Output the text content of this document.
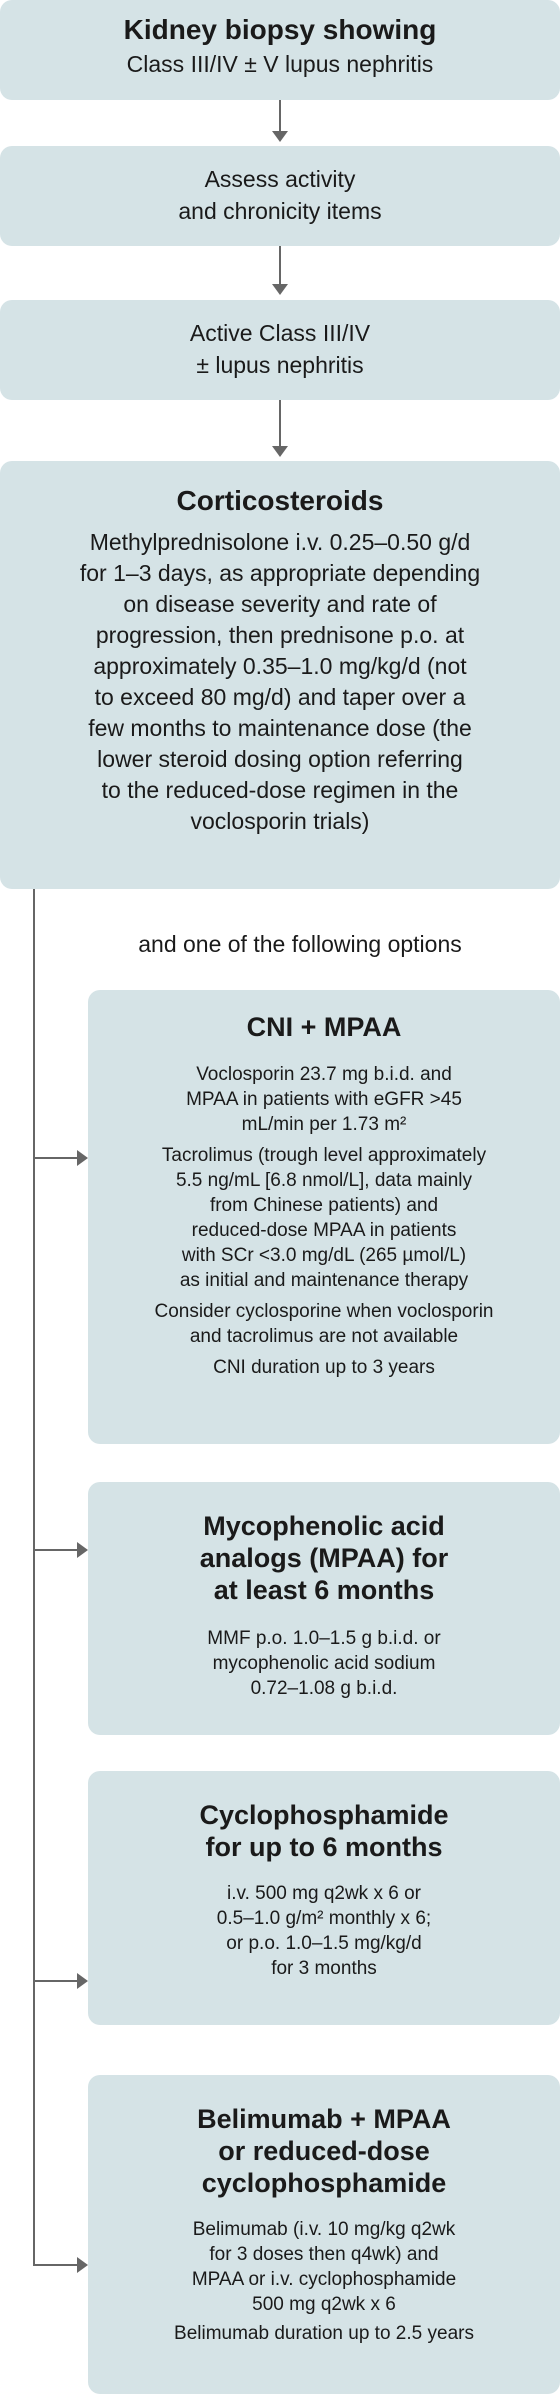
Kidney biopsy showing
Class III/IV ± V lupus nephritis
Assess activity
and chronicity items
Active Class III/IV
± lupus nephritis
Corticosteroids
Methylprednisolone i.v. 0.25–0.50 g/d
for 1–3 days, as appropriate depending
on disease severity and rate of
progression, then prednisone p.o. at
approximately 0.35–1.0 mg/kg/d (not
to exceed 80 mg/d) and taper over a
few months to maintenance dose (the
lower steroid dosing option referring
to the reduced-dose regimen in the
voclosporin trials)
and one of the following options
CNI + MPAA

Voclosporin 23.7 mg b.i.d. and
MPAA in patients with eGFR >45
mL/min per 1.73 m²

Tacrolimus (trough level approximately
5.5 ng/mL [6.8 nmol/L], data mainly
from Chinese patients) and
reduced-dose MPAA in patients
with SCr <3.0 mg/dL (265 µmol/L)
as initial and maintenance therapy

Consider cyclosporine when voclosporin
and tacrolimus are not available

CNI duration up to 3 years

Mycophenolic acid
analogs (MPAA) for
at least 6 months

MMF p.o. 1.0–1.5 g b.i.d. or
mycophenolic acid sodium
0.72–1.08 g b.i.d.

Cyclophosphamide
for up to 6 months

i.v. 500 mg q2wk x 6 or
0.5–1.0 g/m² monthly x 6;
or p.o. 1.0–1.5 mg/kg/d
for 3 months

Belimumab + MPAA
or reduced-dose
cyclophosphamide

Belimumab (i.v. 10 mg/kg q2wk
for 3 doses then q4wk) and
MPAA or i.v. cyclophosphamide
500 mg q2wk x 6

Belimumab duration up to 2.5 years
